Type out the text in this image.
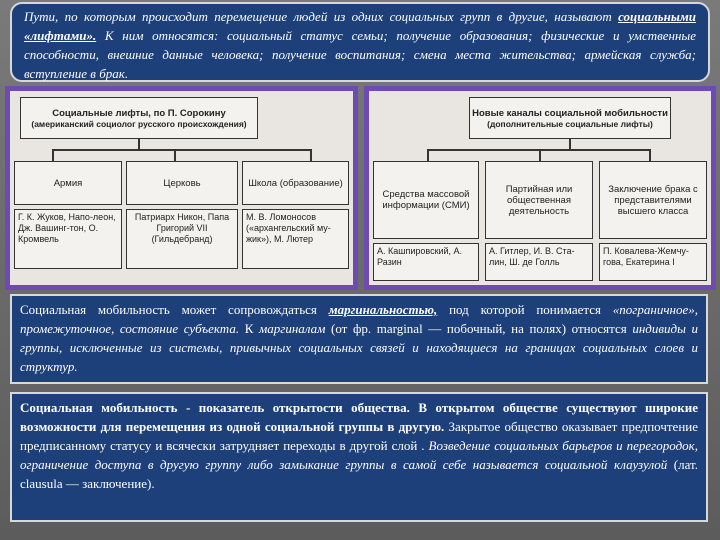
Пути, по которым происходит перемещение людей из одних социальных групп в другие, называют социальными «лифтами». К ним относятся: социальный статус семьи; получение образования; физические и умственные способности, внешние данные человека; получение воспитания; смена места жительства; армейская служба; вступление в брак.

Социальные лифты, по П. Сорокину
(американский социолог русского происхождения)
Армия	Церковь	Школа (образование)
Г. К. Жуков, Напо-леон, Дж. Вашинг-тон, О. Кромвель
Патриарх Никон, Папа Григорий VII (Гильдебранд)
М. В. Ломоносов («архангельский му-жик»), М. Лютер
Новые каналы социальной мобильности
(дополнительные социальные лифты)
Средства массовой информации (СМИ)
Партийная или общественная деятельность
Заключение брака с представителями высшего класса
А. Кашпировский, А. Разин
А. Гитлер, И. В. Ста-лин, Ш. де Голль
П. Ковалева-Жемчу-гова, Екатерина I

Социальная мобильность может сопровождаться маргинальностью, под которой понимается «пограничное», промежуточное, состояние субъекта. К маргиналам (от фр. marginal — побочный, на полях) относятся индивиды и группы, исключенные из системы, привычных социальных связей и находящиеся на границах социальных слоев и структур.

Социальная мобильность - показатель открытости общества. В открытом обществе существуют широкие возможности для перемещения из одной социальной группы в другую. Закрытое общество оказывает предпочтение предписанному статусу и всячески затрудняет переходы в другой слой . Возведение социальных барьеров и перегородок, ограничение доступа в другую группу либо замыкание группы в самой себе называется социальной клаузулой (лат. clausula — заключение).
